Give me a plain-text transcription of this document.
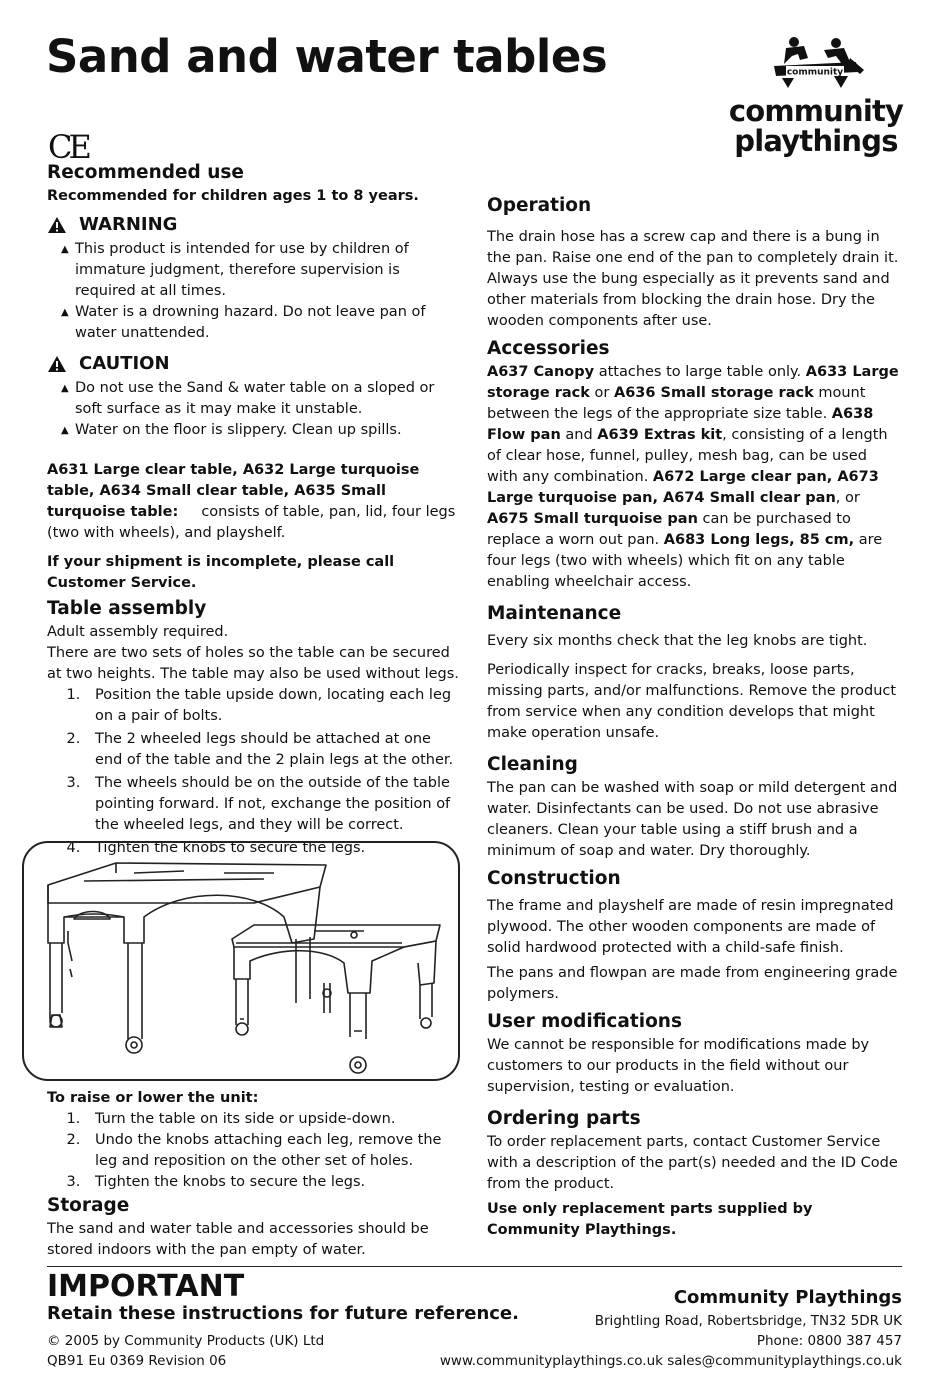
Sand and water tables	community
community
playthings
CE
Recommended use

Recommended for children ages 1 to 8 years.

WARNING
▲ This product is intended for use by children of immature judgment, therefore supervision is required at all times.
▲ Water is a drowning hazard. Do not leave pan of water unattended.
CAUTION
▲ Do not use the Sand & water table on a sloped or soft surface as it may make it unstable.
▲ Water on the floor is slippery. Clean up spills.

A631 Large clear table, A632 Large turquoise table, A634 Small clear table, A635 Small turquoise table: consists of table, pan, lid, four legs (two with wheels), and playshelf.

If your shipment is incomplete, please call Customer Service.

Table assembly

Adult assembly required.

There are two sets of holes so the table can be secured at two heights. The table may also be used without legs.

1. Position the table upside down, locating each leg on a pair of bolts.
2. The 2 wheeled legs should be attached at one end of the table and the 2 plain legs at the other.
3. The wheels should be on the outside of the table pointing forward. If not, exchange the position of the wheeled legs, and they will be correct.
4. Tighten the knobs to secure the legs.

To raise or lower the unit:

1. Turn the table on its side or upside-down.
2. Undo the knobs attaching each leg, remove the leg and reposition on the other set of holes.
3. Tighten the knobs to secure the legs.
Storage

The sand and water table and accessories should be stored indoors with the pan empty of water.

Operation

The drain hose has a screw cap and there is a bung in the pan. Raise one end of the pan to completely drain it. Always use the bung especially as it prevents sand and other materials from blocking the drain hose. Dry the wooden components after use.

Accessories

A637 Canopy attaches to large table only. A633 Large storage rack or A636 Small storage rack mount between the legs of the appropriate size table. A638 Flow pan and A639 Extras kit, consisting of a length of clear hose, funnel, pulley, mesh bag, can be used with any combination. A672 Large clear pan, A673 Large turquoise pan, A674 Small clear pan, or A675 Small turquoise pan can be purchased to replace a worn out pan. A683 Long legs, 85 cm, are four legs (two with wheels) which fit on any table enabling wheelchair access.

Maintenance

Every six months check that the leg knobs are tight.

Periodically inspect for cracks, breaks, loose parts, missing parts, and/or malfunctions. Remove the product from service when any condition develops that might make operation unsafe.

Cleaning

The pan can be washed with soap or mild detergent and water. Disinfectants can be used. Do not use abrasive cleaners. Clean your table using a stiff brush and a minimum of soap and water. Dry thoroughly.

Construction

The frame and playshelf are made of resin impregnated plywood. The other wooden components are made of solid hardwood protected with a child-safe finish.

The pans and flowpan are made from engineering grade polymers.

User modifications

We cannot be responsible for modifications made by customers to our products in the field without our supervision, testing or evaluation.

Ordering parts

To order replacement parts, contact Customer Service with a description of the part(s) needed and the ID Code from the product.

Use only replacement parts supplied by Community Playthings.

IMPORTANT
Retain these instructions for future reference.
© 2005 by Community Products (UK) Ltd
QB91 Eu 0369 Revision 06
Community Playthings
Brightling Road, Robertsbridge, TN32 5DR UK
Phone: 0800 387 457
www.communityplaythings.co.uk sales@communityplaythings.co.uk
